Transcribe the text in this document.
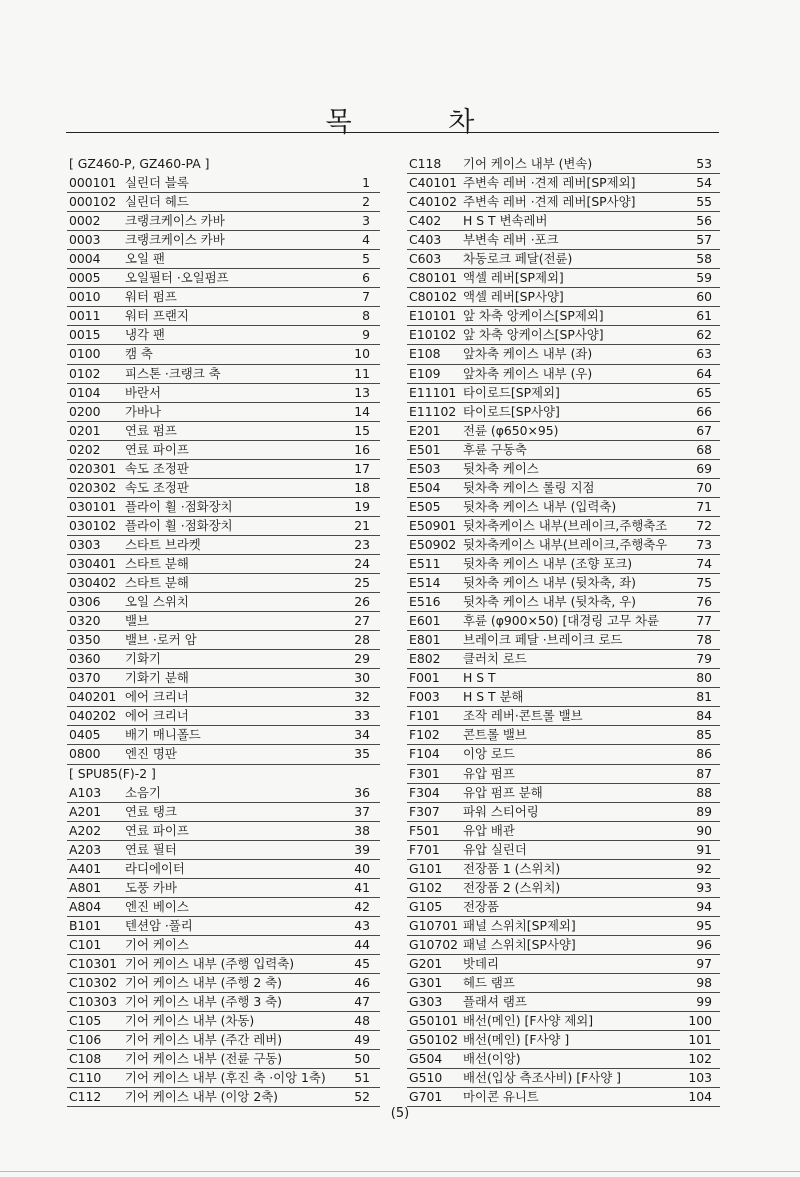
목 차
[ GZ460-P, GZ460-PA ]
000101 실린더 블록	1
000102 실린더 헤드	2
0002 크랭크케이스 카바	3
0003 크랭크케이스 카바	4
0004 오일 팬	5
0005 오일필터 ·오일펌프	6
0010 워터 펌프	7
0011 워터 프랜지	8
0015 냉각 팬	9
0100 캠 축	10
0102 피스톤 ·크랭크 축	11
0104 바란서	13
0200 가바나	14
0201 연료 펌프	15
0202 연료 파이프	16
020301 속도 조정판	17
020302 속도 조정판	18
030101 플라이 휠 ·점화장치	19
030102 플라이 휠 ·점화장치	21
0303 스타트 브라켓	23
030401 스타트 분해	24
030402 스타트 분해	25
0306 오일 스위치	26
0320 밸브	27
0350 밸브 ·로커 암	28
0360 기화기	29
0370 기화기 분해	30
040201 에어 크리너	32
040202 에어 크리너	33
0405 배기 매니폴드	34
0800 엔진 명판	35
[ SPU85(F)-2 ]
A103 소음기	36
A201 연료 탱크	37
A202 연료 파이프	38
A203 연료 필터	39
A401 라디에이터	40
A801 도풍 카바	41
A804 엔진 베이스	42
B101 텐션암 ·풀리	43
C101 기어 케이스	44
C10301 기어 케이스 내부 (주행 입력축)	45
C10302 기어 케이스 내부 (주행 2 축)	46
C10303 기어 케이스 내부 (주행 3 축)	47
C105 기어 케이스 내부 (차동)	48
C106 기어 케이스 내부 (주간 레버)	49
C108 기어 케이스 내부 (전륜 구동)	50
C110 기어 케이스 내부 (후진 축 ·이앙 1축) 51
C112 기어 케이스 내부 (이앙 2축)	52
C118 기어 케이스 내부 (변속)	53
C40101 주변속 레버 ·견제 레버[SP제외]	54
C40102 주변속 레버 ·견제 레버[SP사양]	55
C402 H S T 변속레버	56
C403 부변속 레버 ·포크	57
C603 차동로크 페달(전륜)	58
C80101 액셀 레버[SP제외]	59
C80102 액셀 레버[SP사양]	60
E10101 앞 차축 앙케이스[SP제외]	61
E10102 앞 차축 앙케이스[SP사양]	62
E108 앞차축 케이스 내부 (좌)	63
E109 앞차축 케이스 내부 (우)	64
E11101 타이로드[SP제외]	65
E11102 타이로드[SP사양]	66
E201 전륜 (φ650×95)	67
E501 후륜 구동축	68
E503 뒷차축 케이스	69
E504 뒷차축 케이스 롤링 지점	70
E505 뒷차축 케이스 내부 (입력축)	71
E50901 뒷차축케이스 내부(브레이크,주행축조 72
E50902 뒷차축케이스 내부(브레이크,주행축우 73
E511 뒷차축 케이스 내부 (조향 포크)	74
E514 뒷차축 케이스 내부 (뒷차축, 좌)	75
E516 뒷차축 케이스 내부 (뒷차축, 우)	76
E601 후륜 (φ900×50) [대경링 고무 차륜	77
E801 브레이크 페달 ·브레이크 로드	78
E802 클러치 로드	79
F001 H S T	80
F003 H S T 분해	81
F101 조작 레버·콘트롤 밸브	84
F102 콘트롤 밸브	85
F104 이앙 로드	86
F301 유압 펌프	87
F304 유압 펌프 분해	88
F307 파워 스티어링	89
F501 유압 배관	90
F701 유압 실린더	91
G101 전장품 1 (스위치)	92
G102 전장품 2 (스위치)	93
G105 전장품	94
G10701 패널 스위치[SP제외]	95
G10702 패널 스위치[SP사양]	96
G201 밧데리	97
G301 헤드 램프	98
G303 플래셔 램프	99
G50101 배선(메인) [F사양 제외]	100
G50102 배선(메인) [F사양 ]	101
G504 배선(이앙)	102
G510 배선(입상 측조사비) [F사양 ]	103
G701 마이콘 유니트	104
(5)
